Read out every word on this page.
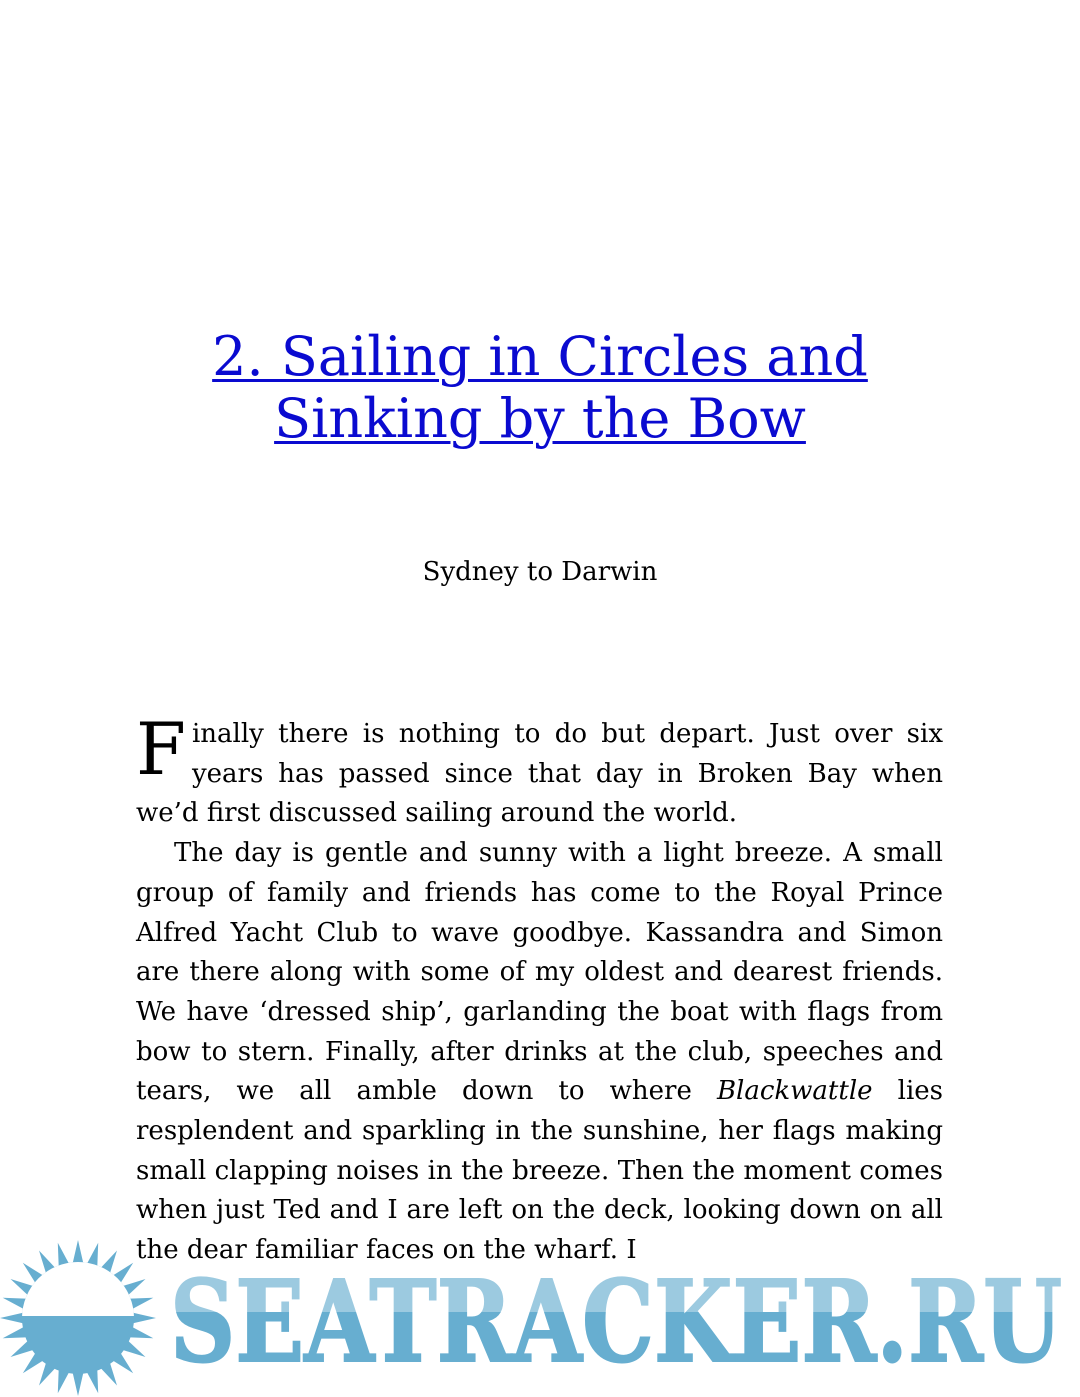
2. Sailing in Circles and
Sinking by the Bow

Sydney to Darwin

Finally there is nothing to do but depart. Just over six years has passed since that day in Broken Bay when we’d first discussed sailing around the world.

The day is gentle and sunny with a light breeze. A small group of family and friends has come to the Royal Prince Alfred Yacht Club to wave goodbye. Kassandra and Simon are there along with some of my oldest and dearest friends. We have ‘dressed ship’, garlanding the boat with flags from bow to stern. Finally, after drinks at the club, speeches and tears, we all amble down to where Blackwattle lies resplendent and sparkling in the sunshine, her flags making small clapping noises in the breeze. Then the moment comes when just Ted and I are left on the deck, looking down on all the dear familiar faces on the wharf. I

SEATRACKER.RU
